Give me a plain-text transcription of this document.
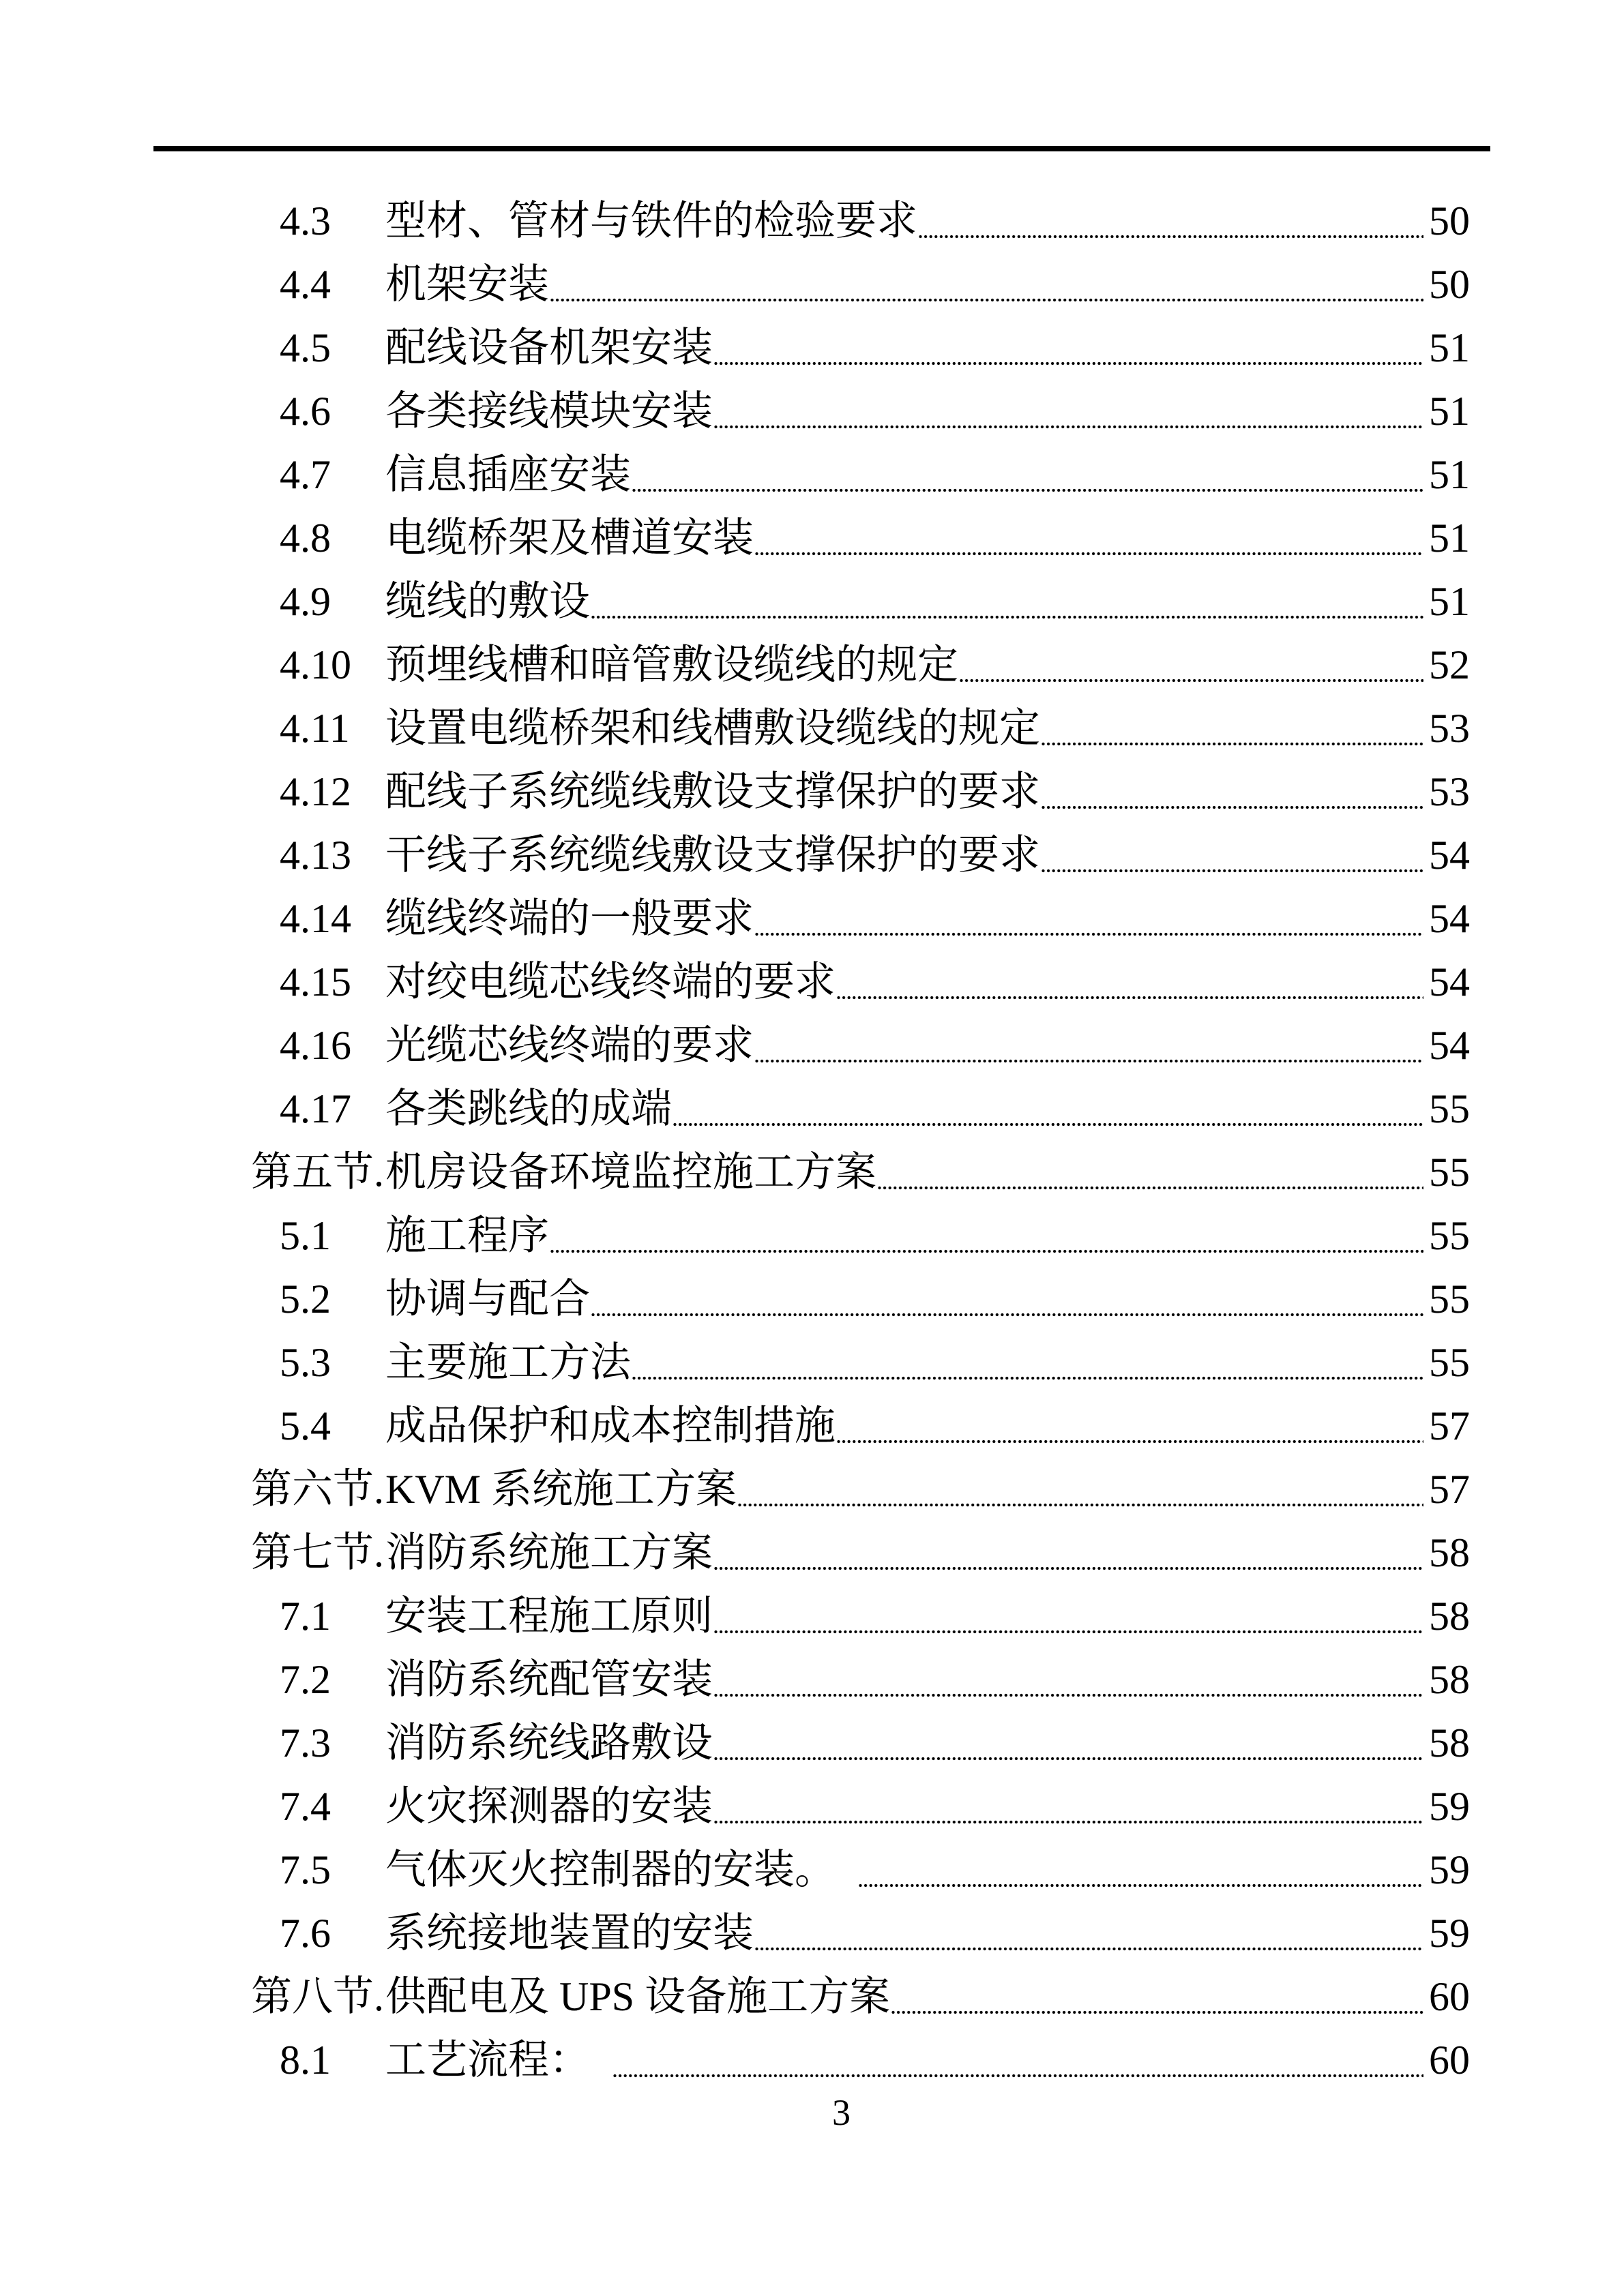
4.3	型材、管材与铁件的检验要求	50
4.4	机架安装	50
4.5	配线设备机架安装	51
4.6	各类接线模块安装	51
4.7	信息插座安装	51
4.8	电缆桥架及槽道安装	51
4.9	缆线的敷设	51
4.10 预埋线槽和暗管敷设缆线的规定	52
4.11 设置电缆桥架和线槽敷设缆线的规定	53
4.12 配线子系统缆线敷设支撑保护的要求	53
4.13 干线子系统缆线敷设支撑保护的要求	54
4.14 缆线终端的一般要求	54
4.15 对绞电缆芯线终端的要求	54
4.16 光缆芯线终端的要求	54
4.17 各类跳线的成端	55
第五节. 机房设备环境监控施工方案	55
5.1	施工程序	55
5.2	协调与配合	55
5.3	主要施工方法	55
5.4	成品保护和成本控制措施	57
第六节. KVM 系统施工方案	57
第七节. 消防系统施工方案	58
7.1	安装工程施工原则	58
7.2	消防系统配管安装	58
7.3	消防系统线路敷设	58
7.4	火灾探测器的安装	59
7.5	气体灭火控制器的安装。	59
7.6	系统接地装置的安装	59
第八节. 供配电及 UPS 设备施工方案	60
8.1	工艺流程：	60
3
